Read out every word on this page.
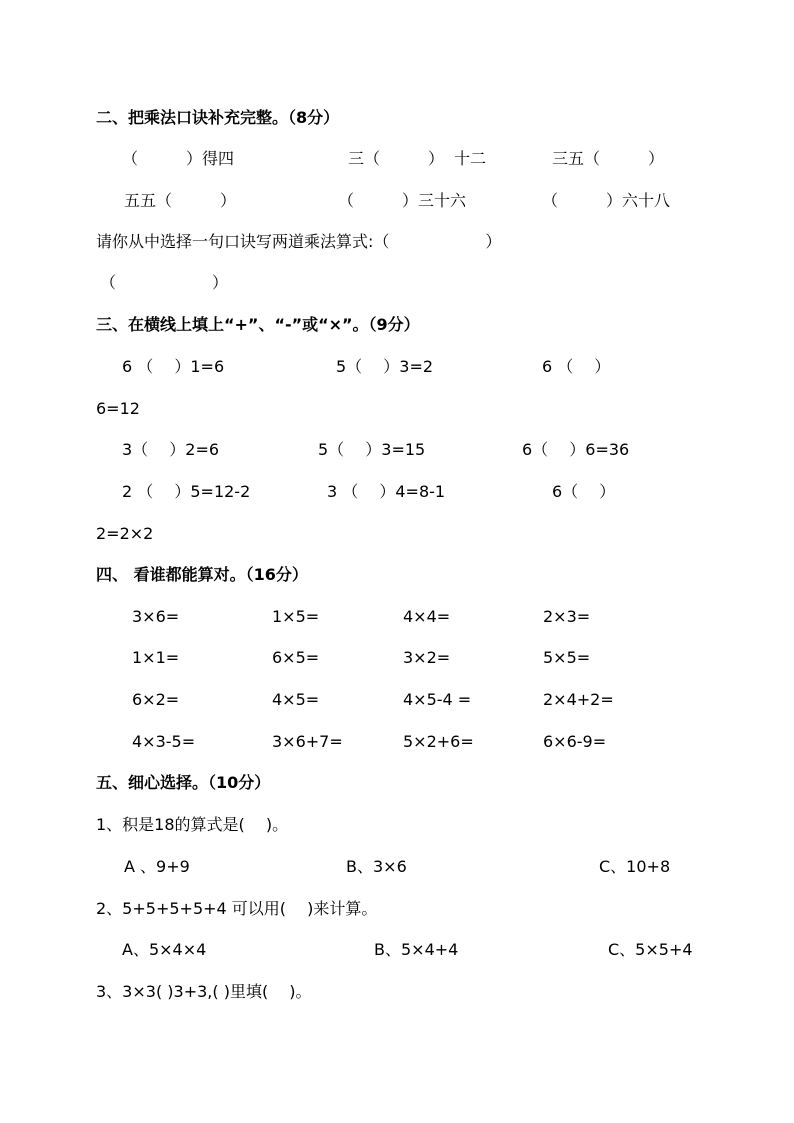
二、把乘法口诀补充完整。（8分）
（　　　）得四	三（　　　）  十二	三五（　　　）
五五（　　　）	（　　　）三十六	（　　　）六十八
请你从中选择一句口诀写两道乘法算式:（　　　　　　）
（　　　　　　）
三、在横线上填上“+”、“-”或“×”。（9分）
6 （　 ）1=6	5（　 ）3=2	6 （　 ）
6=12
3（　 ）2=6	5（　 ）3=15	6（　 ）6=36
2 （　 ）5=12-2	3 （　 ）4=8-1	6（　 ）
2=2×2
四、 看谁都能算对。（16分）
3×6=	1×5=	4×4=	2×3=
1×1=	6×5=	3×2=	5×5=
6×2=	4×5=	4×5-4 =	2×4+2=
4×3-5=	3×6+7=	5×2+6=	6×6-9=
五、细心选择。（10分）
1、积是18的算式是(　 )。
A 、9+9	B、3×6	C、10+8
2、5+5+5+5+4 可以用(　 )来计算。
A、5×4×4	B、5×4+4	C、5×5+4
3、3×3( )3+3,( )里填(　 )。
